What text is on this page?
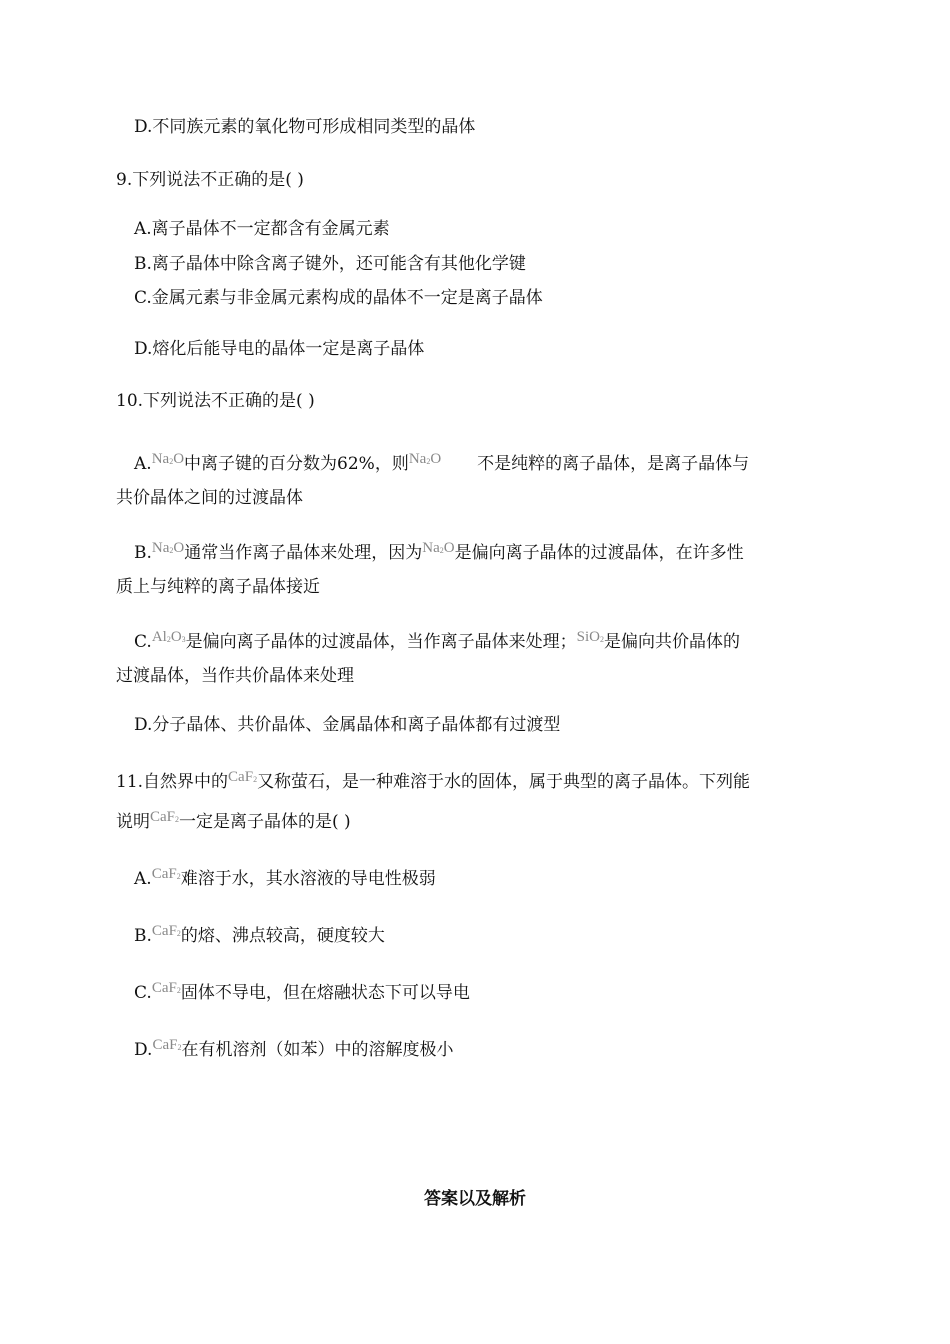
D.不同族元素的氧化物可形成相同类型的晶体
9.下列说法不正确的是( )
A.离子晶体不一定都含有金属元素
B.离子晶体中除含离子键外，还可能含有其他化学键
C.金属元素与非金属元素构成的晶体不一定是离子晶体
D.熔化后能导电的晶体一定是离子晶体
10.下列说法不正确的是( )
$A.Na_2O$中离子键的百分数为62%，则$Na_2O$ 不是纯粹的离子晶体，是离子晶体与
共价晶体之间的过渡晶体
$B.Na_2O$通常当作离子晶体来处理，因为$Na_2O$是偏向离子晶体的过渡晶体，在许多性
质上与纯粹的离子晶体接近
$C.Al_2O_3$是偏向离子晶体的过渡晶体，当作离子晶体来处理；SiO$_2$是偏向共价晶体的
过渡晶体，当作共价晶体来处理
D.分子晶体、共价晶体、金属晶体和离子晶体都有过渡型
11.自然界中的CaF$_2$又称萤石，是一种难溶于水的固体，属于典型的离子晶体。下列能
说明CaF$_2$一定是离子晶体的是( )
A.CaF$_2$难溶于水，其水溶液的导电性极弱
B.CaF$_2$的熔、沸点较高，硬度较大
C.CaF$_2$固体不导电，但在熔融状态下可以导电
D.CaF$_2$在有机溶剂（如苯）中的溶解度极小
答案以及解析
